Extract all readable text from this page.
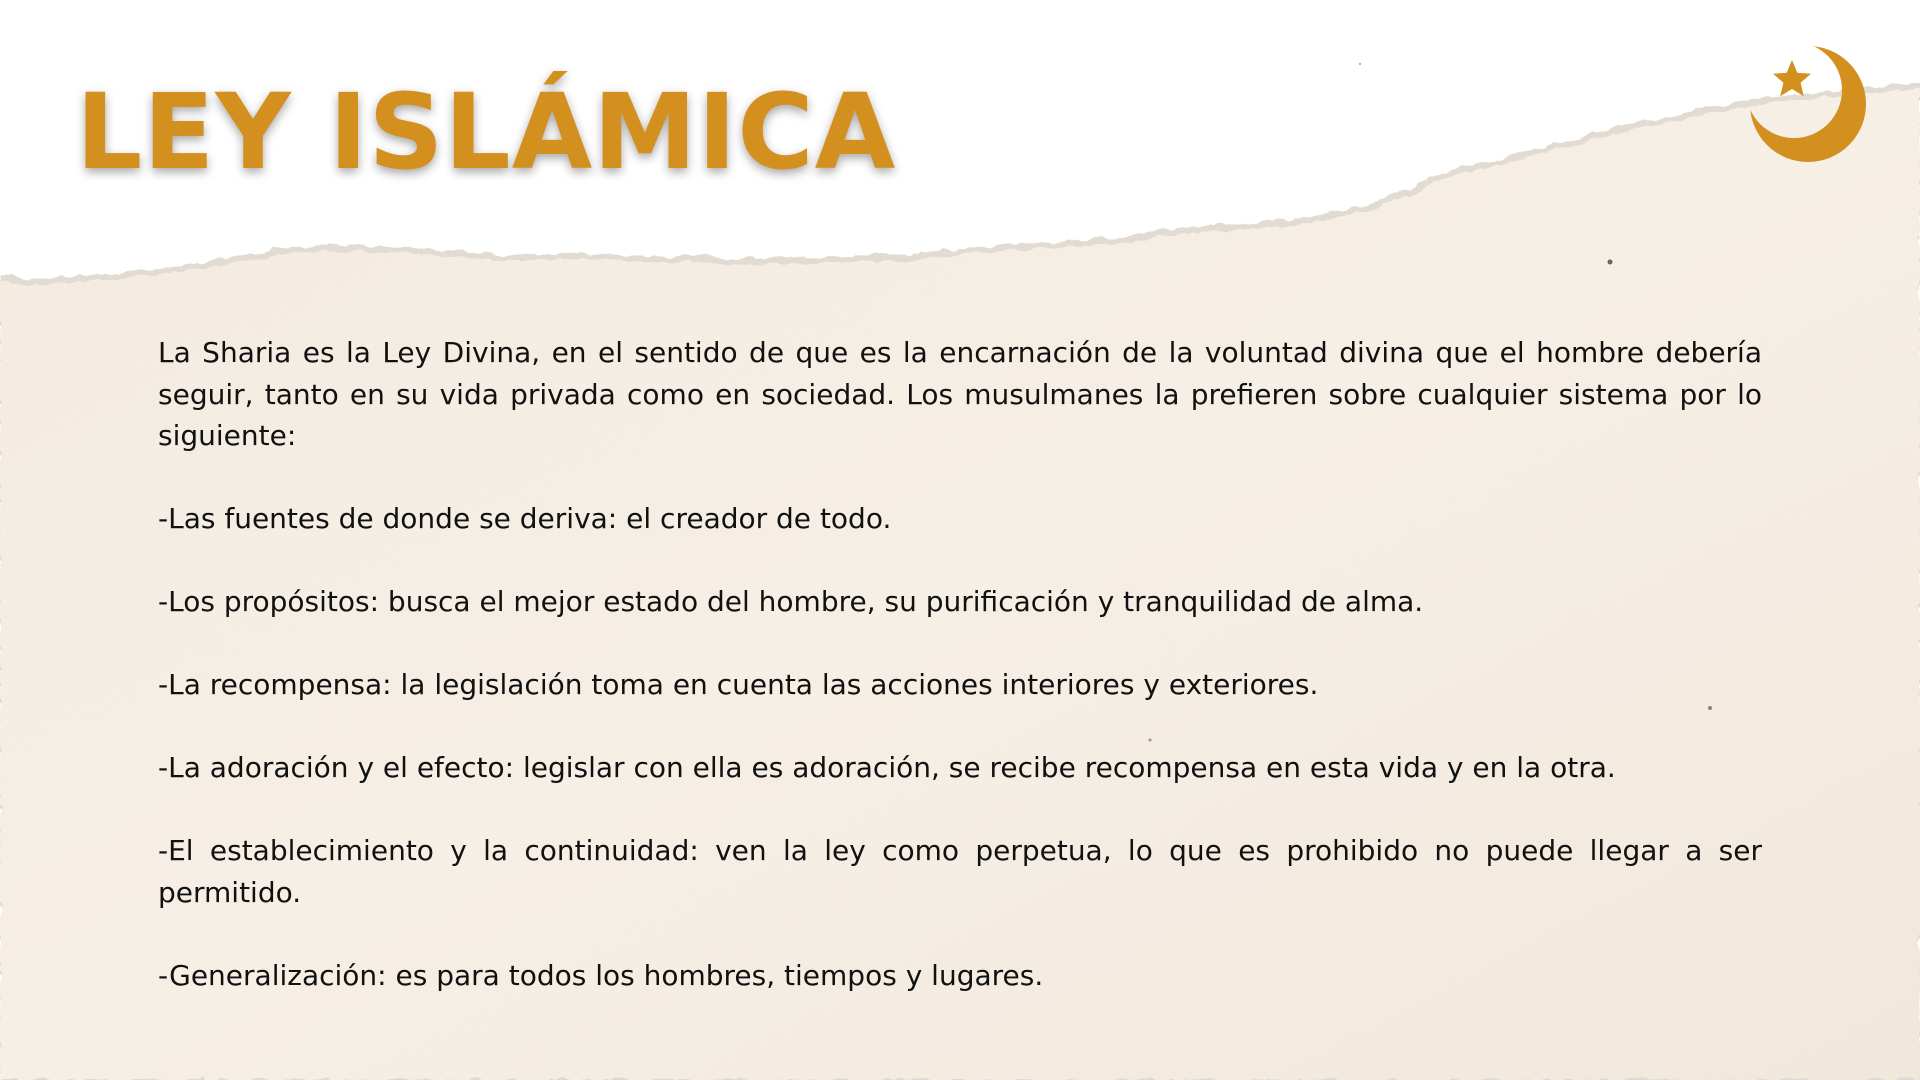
LEY ISLÁMICA

La Sharia es la Ley Divina, en el sentido de que es la encarnación de la voluntad divina que el hombre debería seguir, tanto en su vida privada como en sociedad. Los musulmanes la prefieren sobre cualquier sistema por lo siguiente:

-Las fuentes de donde se deriva: el creador de todo.

-Los propósitos: busca el mejor estado del hombre, su purificación y tranquilidad de alma.

-La recompensa: la legislación toma en cuenta las acciones interiores y exteriores.

-La adoración y el efecto: legislar con ella es adoración, se recibe recompensa en esta vida y en la otra.

-El establecimiento y la continuidad: ven la ley como perpetua, lo que es prohibido no puede llegar a ser permitido.

-Generalización: es para todos los hombres, tiempos y lugares.
